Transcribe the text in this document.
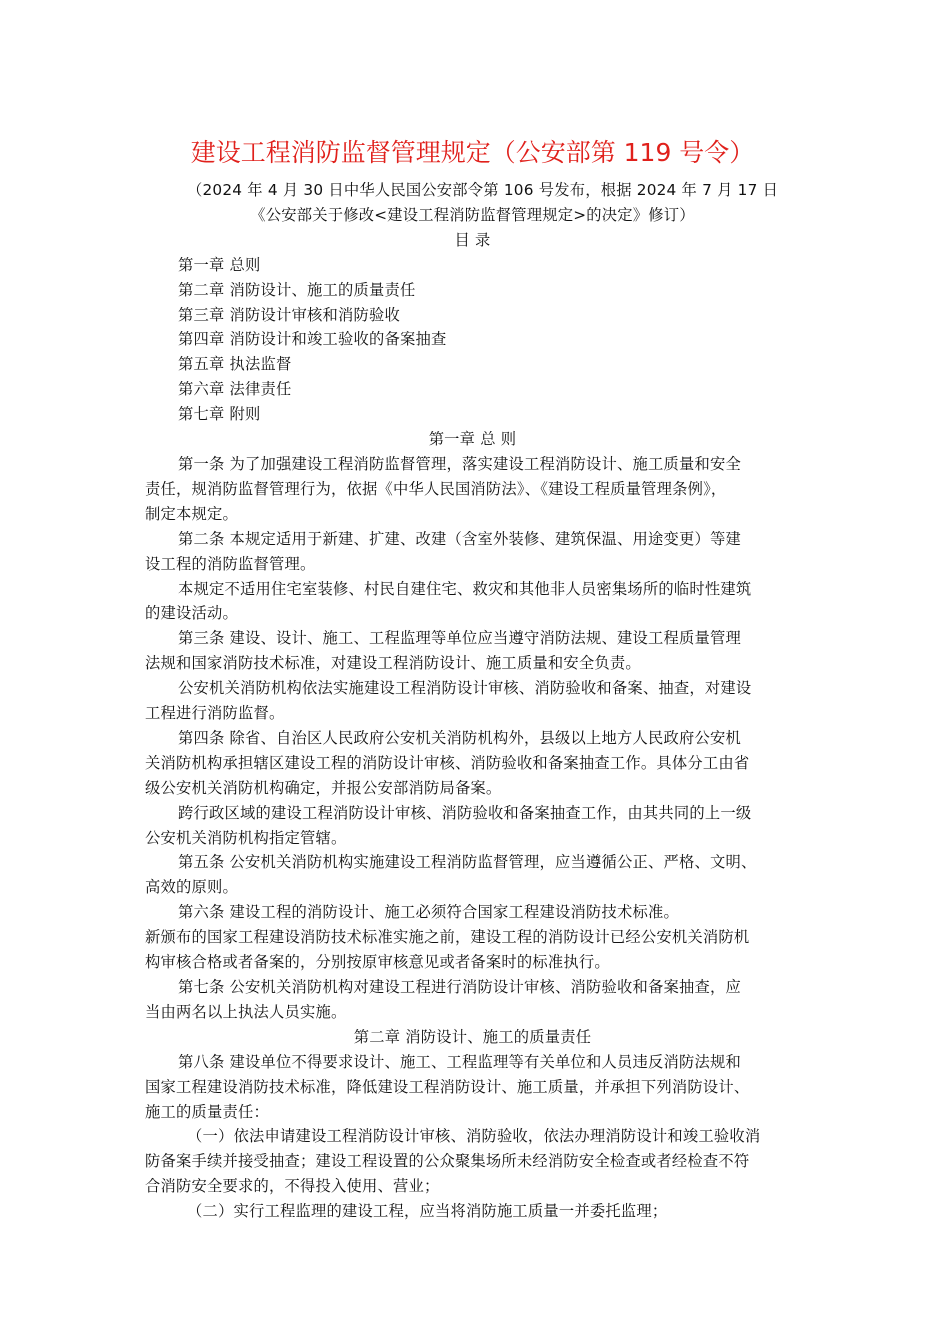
建设工程消防监督管理规定（公安部第 119 号令）
（2024 年 4 月 30 日中华人民国公安部令第 106 号发布，根据 2024 年 7 月 17 日
《公安部关于修改<建设工程消防监督管理规定>的决定》修订）
目 录
第一章 总则
第二章 消防设计、施工的质量责任
第三章 消防设计审核和消防验收
第四章 消防设计和竣工验收的备案抽查
第五章 执法监督
第六章 法律责任
第七章 附则
第一章 总 则
第一条 为了加强建设工程消防监督管理，落实建设工程消防设计、施工质量和安全
责任，规消防监督管理行为，依据《中华人民国消防法》、《建设工程质量管理条例》，
制定本规定。
第二条 本规定适用于新建、扩建、改建（含室外装修、建筑保温、用途变更）等建
设工程的消防监督管理。
本规定不适用住宅室装修、村民自建住宅、救灾和其他非人员密集场所的临时性建筑
的建设活动。
第三条 建设、设计、施工、工程监理等单位应当遵守消防法规、建设工程质量管理
法规和国家消防技术标准，对建设工程消防设计、施工质量和安全负责。
公安机关消防机构依法实施建设工程消防设计审核、消防验收和备案、抽查，对建设
工程进行消防监督。
第四条 除省、自治区人民政府公安机关消防机构外，县级以上地方人民政府公安机
关消防机构承担辖区建设工程的消防设计审核、消防验收和备案抽查工作。具体分工由省
级公安机关消防机构确定，并报公安部消防局备案。
跨行政区域的建设工程消防设计审核、消防验收和备案抽查工作，由其共同的上一级
公安机关消防机构指定管辖。
第五条 公安机关消防机构实施建设工程消防监督管理，应当遵循公正、严格、文明、
高效的原则。
第六条 建设工程的消防设计、施工必须符合国家工程建设消防技术标准。
新颁布的国家工程建设消防技术标准实施之前，建设工程的消防设计已经公安机关消防机
构审核合格或者备案的，分别按原审核意见或者备案时的标准执行。
第七条 公安机关消防机构对建设工程进行消防设计审核、消防验收和备案抽查，应
当由两名以上执法人员实施。
第二章 消防设计、施工的质量责任
第八条 建设单位不得要求设计、施工、工程监理等有关单位和人员违反消防法规和
国家工程建设消防技术标准，降低建设工程消防设计、施工质量，并承担下列消防设计、
施工的质量责任：
（一）依法申请建设工程消防设计审核、消防验收，依法办理消防设计和竣工验收消
防备案手续并接受抽查；建设工程设置的公众聚集场所未经消防安全检查或者经检查不符
合消防安全要求的，不得投入使用、营业；
（二）实行工程监理的建设工程，应当将消防施工质量一并委托监理；
